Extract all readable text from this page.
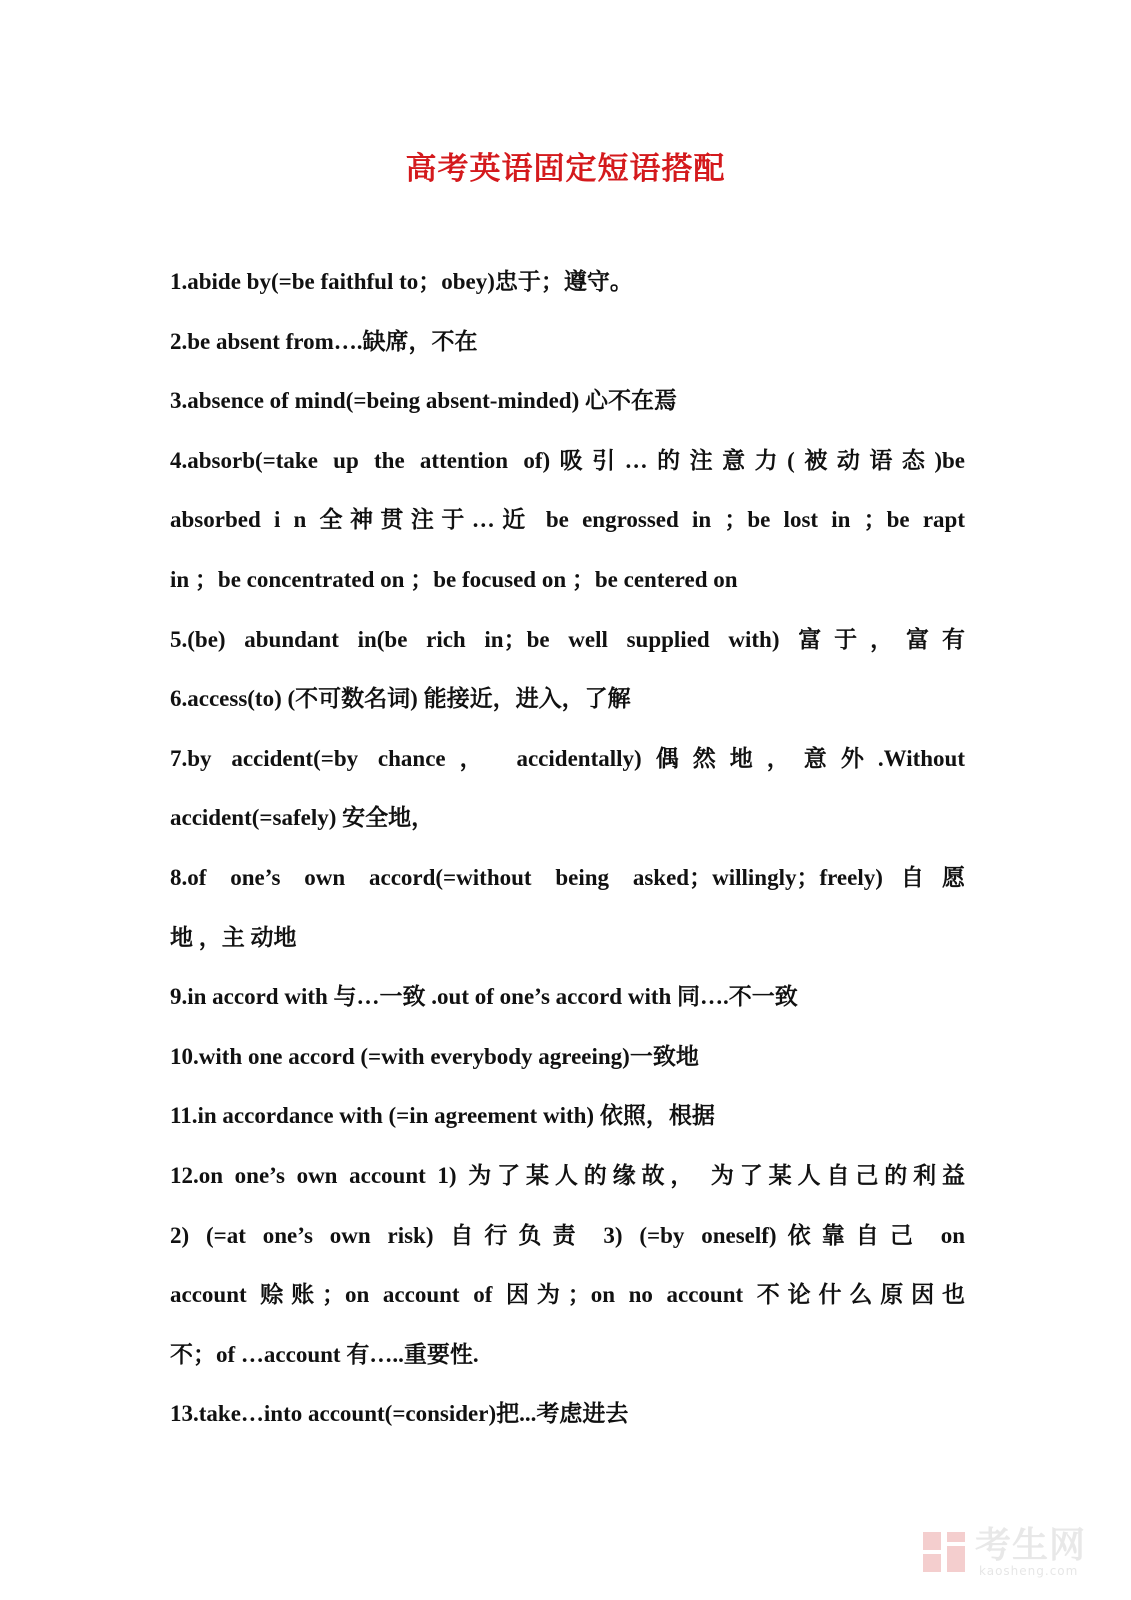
高考英语固定短语搭配
1.abide by(=be faithful to；obey)忠于；遵守。
2.be absent from….缺席，不在
3.absence of mind(=being absent-minded) 心不在焉
4.absorb(=take up the attention of)吸引…的注意力(被动语态)be
absorbed i n 全神贯注于…近 be engrossed in ；be lost in ；be rapt
in ；be concentrated on ；be focused on ；be centered on
5.(be) abundant in(be rich in；be well supplied with) 富于，富有
6.access(to) (不可数名词) 能接近，进入，了解
7.by accident(=by chance， accidentally)偶然地，意外.Without
accident(=safely) 安全地，
8.of one’s own accord(=without being asked；willingly；freely)自愿
地 ，主 动地
9.in accord with 与…一致 .out of one’s accord with 同….不一致
10.with one accord (=with everybody agreeing)一致地
11.in accordance with (=in agreement with) 依照，根据
12.on one’s own account 1) 为了某人的缘故， 为了某人自己的利益
2) (=at one’s own risk) 自行负责 3) (=by oneself)依靠自己 on
account 赊账；on account of 因为；on no account 不论什么原因也
不；of …account 有…..重要性.
13.take…into account(=consider)把...考虑进去
考生网
kaosheng.com
